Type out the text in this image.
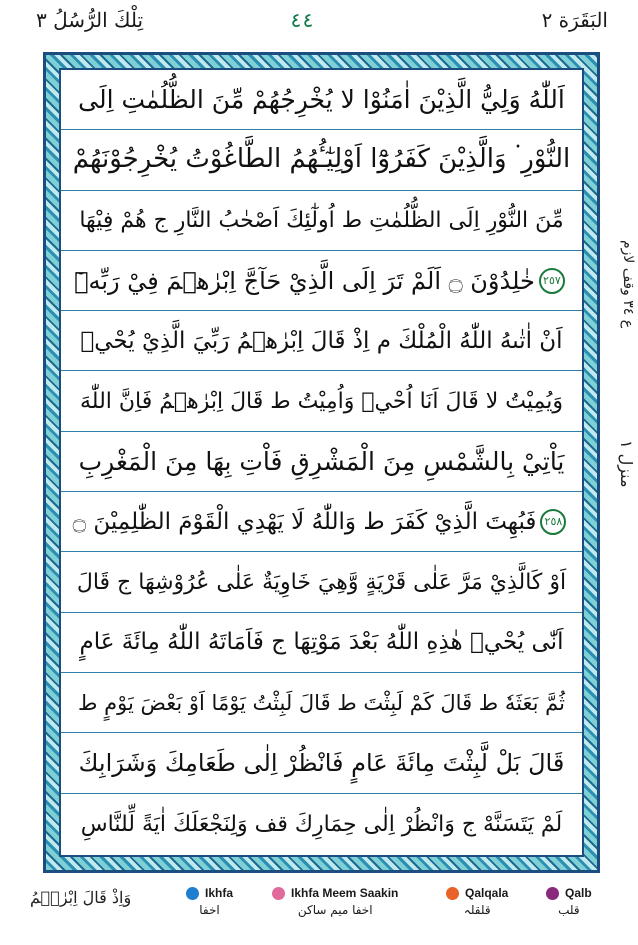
البَقَرَة ٢
٤٤
تِلْكَ الرُّسُلُ ٣
اَللّٰهُ وَلِيُّ الَّذِيْنَ اٰمَنُوْا لا يُخْرِجُهُمْ مِّنَ الظُّلُمٰتِ اِلَى
النُّوْرِ ۬ وَالَّذِيْنَ كَفَرُوْٓا اَوْلِيٰٓـُٔهُمُ الطَّاغُوْتُ يُخْرِجُوْنَهُمْ
مِّنَ النُّوْرِ اِلَى الظُّلُمٰتِ ط اُولٰٓئِكَ اَصْحٰبُ النَّارِ ج هُمْ فِيْهَا
خٰلِدُوْنَ ۝ اَلَمْ تَرَ اِلَى الَّذِيْ حَآجَّ اِبْرٰهٖمَ فِيْ رَبِّهٖٓ ٢٥٧
اَنْ اٰتٰىهُ اللّٰهُ الْمُلْكَ م اِذْ قَالَ اِبْرٰهٖمُ رَبِّيَ الَّذِيْ يُحْيٖ
وَيُمِيْتُ لا قَالَ اَنَا اُحْيٖ وَاُمِيْتُ ط قَالَ اِبْرٰهٖمُ فَاِنَّ اللّٰهَ
يَاْتِيْ بِالشَّمْسِ مِنَ الْمَشْرِقِ فَاْتِ بِهَا مِنَ الْمَغْرِبِ
فَبُهِتَ الَّذِيْ كَفَرَ ط وَاللّٰهُ لَا يَهْدِي الْقَوْمَ الظّٰلِمِيْنَ ۝ ٢٥٨
اَوْ كَالَّذِيْ مَرَّ عَلٰى قَرْيَةٍ وَّهِيَ خَاوِيَةٌ عَلٰى عُرُوْشِهَا ج قَالَ
اَنّٰى يُحْيٖ هٰذِهِ اللّٰهُ بَعْدَ مَوْتِهَا ج فَاَمَاتَهُ اللّٰهُ مِائَةَ عَامٍ
ثُمَّ بَعَثَهٗ ط قَالَ كَمْ لَبِثْتَ ط قَالَ لَبِثْتُ يَوْمًا اَوْ بَعْضَ يَوْمٍ ط
قَالَ بَلْ لَّبِثْتَ مِائَةَ عَامٍ فَانْظُرْ اِلٰى طَعَامِكَ وَشَرَابِكَ
لَمْ يَتَسَنَّهْ ج وَانْظُرْ اِلٰى حِمَارِكَ قف وَلِنَجْعَلَكَ اٰيَةً لِّلنَّاسِ
ع ٣٤ وقف لازم
منزل ١
وَاِذْ قَالَ اِبْرٰهٖمُ	Ikhfa
اخفا
Ikhfa Meem Saakin
اخفا میم ساکن
Qalqala
قلقلہ
Qalb
قلب
